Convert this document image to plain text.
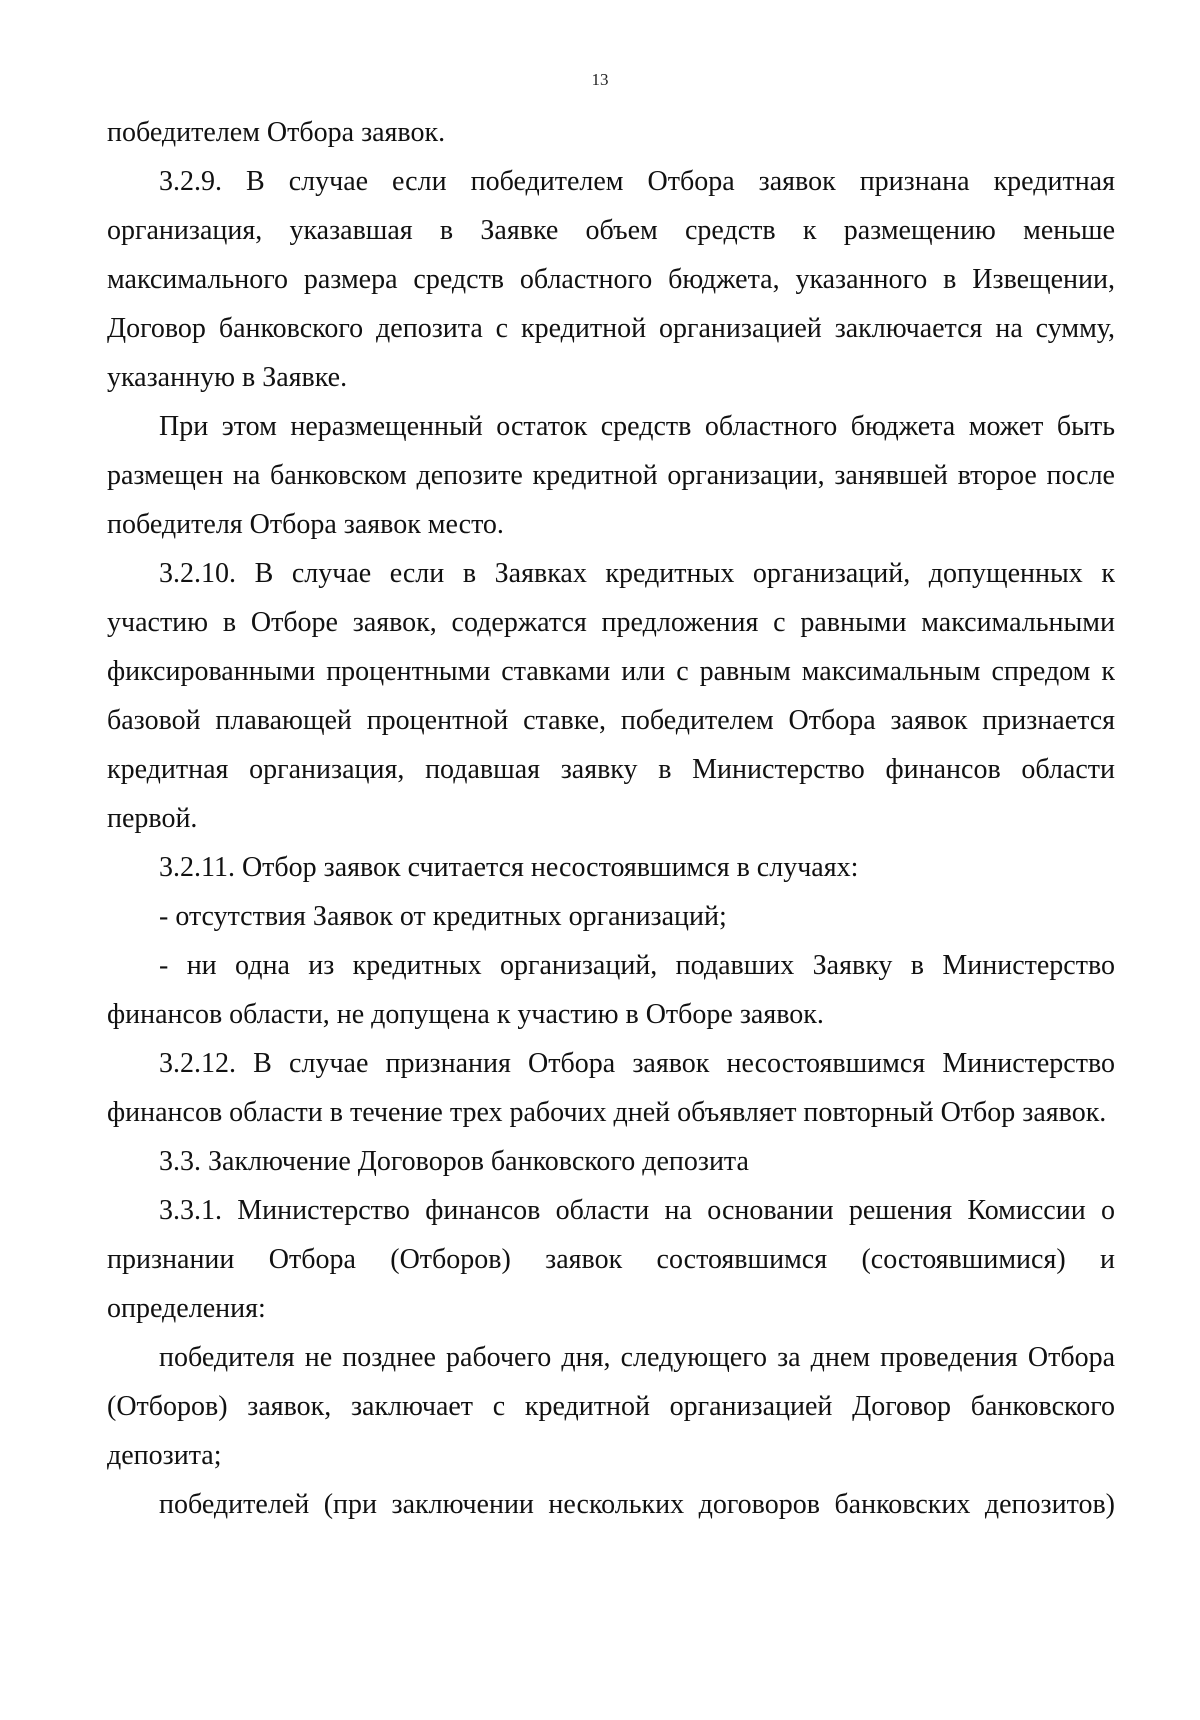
13

победителем Отбора заявок.

3.2.9. В случае если победителем Отбора заявок признана кредитная организация, указавшая в Заявке объем средств к размещению меньше максимального размера средств областного бюджета, указанного в Извещении, Договор банковского депозита с кредитной организацией заключается на сумму, указанную в Заявке.

При этом неразмещенный остаток средств областного бюджета может быть размещен на банковском депозите кредитной организации, занявшей второе после победителя Отбора заявок место.

3.2.10. В случае если в Заявках кредитных организаций, допущенных к участию в Отборе заявок, содержатся предложения с равными максимальными фиксированными процентными ставками или с равным максимальным спредом к базовой плавающей процентной ставке, победителем Отбора заявок признается кредитная организация, подавшая заявку в Министерство финансов области первой.

3.2.11. Отбор заявок считается несостоявшимся в случаях:

- отсутствия Заявок от кредитных организаций;

- ни одна из кредитных организаций, подавших Заявку в Министерство финансов области, не допущена к участию в Отборе заявок.

3.2.12. В случае признания Отбора заявок несостоявшимся Министерство финансов области в течение трех рабочих дней объявляет повторный Отбор заявок.

3.3. Заключение Договоров банковского депозита

3.3.1. Министерство финансов области на основании решения Комиссии о признании Отбора (Отборов) заявок состоявшимся (состоявшимися) и определения:

победителя не позднее рабочего дня, следующего за днем проведения Отбора (Отборов) заявок, заключает с кредитной организацией Договор банковского депозита;

победителей (при заключении нескольких договоров банковских депозитов)
